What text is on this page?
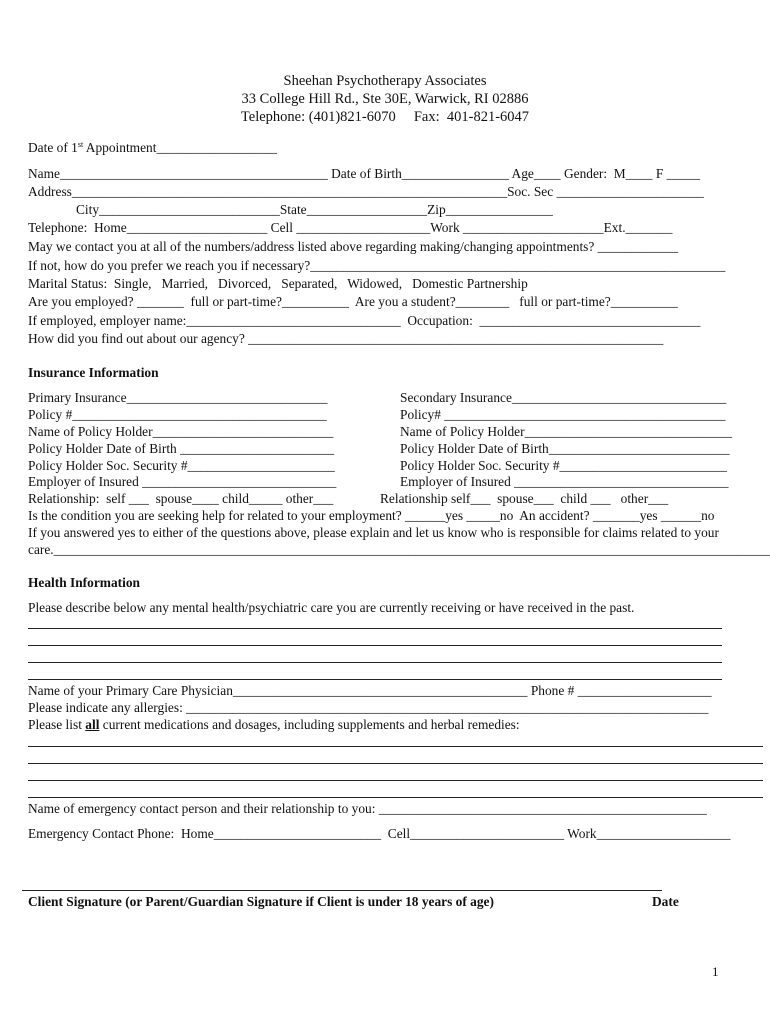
Sheehan Psychotherapy Associates
33 College Hill Rd., Ste 30E, Warwick, RI 02886
Telephone: (401)821-6070     Fax:  401-821-6047
Date of 1st Appointment__________________
Name________________________________________ Date of Birth________________ Age____ Gender:  M____ F _____
Address_________________________________________________________________Soc. Sec ______________________
City___________________________State__________________Zip________________
Telephone:  Home_____________________ Cell ____________________Work _____________________Ext._______
May we contact you at all of the numbers/address listed above regarding making/changing appointments? ____________
If not, how do you prefer we reach you if necessary?______________________________________________________________
Marital Status:  Single,   Married,   Divorced,   Separated,   Widowed,   Domestic Partnership
Are you employed? _______  full or part-time?__________  Are you a student?________   full or part-time?__________
If employed, employer name:________________________________  Occupation:  _________________________________
How did you find out about our agency? ______________________________________________________________
Insurance Information
Primary Insurance______________________________
Policy #______________________________________
Name of Policy Holder___________________________
Policy Holder Date of Birth _______________________
Policy Holder Soc. Security #______________________
Employer of Insured _____________________________
Relationship:  self ___  spouse____ child_____ other___
Secondary Insurance________________________________
Policy# __________________________________________
Name of Policy Holder_______________________________
Policy Holder Date of Birth___________________________
Policy Holder Soc. Security #_________________________
Employer of Insured ________________________________
Relationship self___  spouse___  child ___   other___
Is the condition you are seeking help for related to your employment? ______yes _____no  An accident? _______yes ______no
If you answered yes to either of the questions above, please explain and let us know who is responsible for claims related to your
care.___________________________________________________________________________________________________________
Health Information
Please describe below any mental health/psychiatric care you are currently receiving or have received in the past.
Name of your Primary Care Physician____________________________________________ Phone # ____________________
Please indicate any allergies: ______________________________________________________________________________
Please list all current medications and dosages, including supplements and herbal remedies:
Name of emergency contact person and their relationship to you: _________________________________________________
Emergency Contact Phone:  Home_________________________  Cell_______________________ Work____________________
Client Signature (or Parent/Guardian Signature if Client is under 18 years of age)	Date
1
